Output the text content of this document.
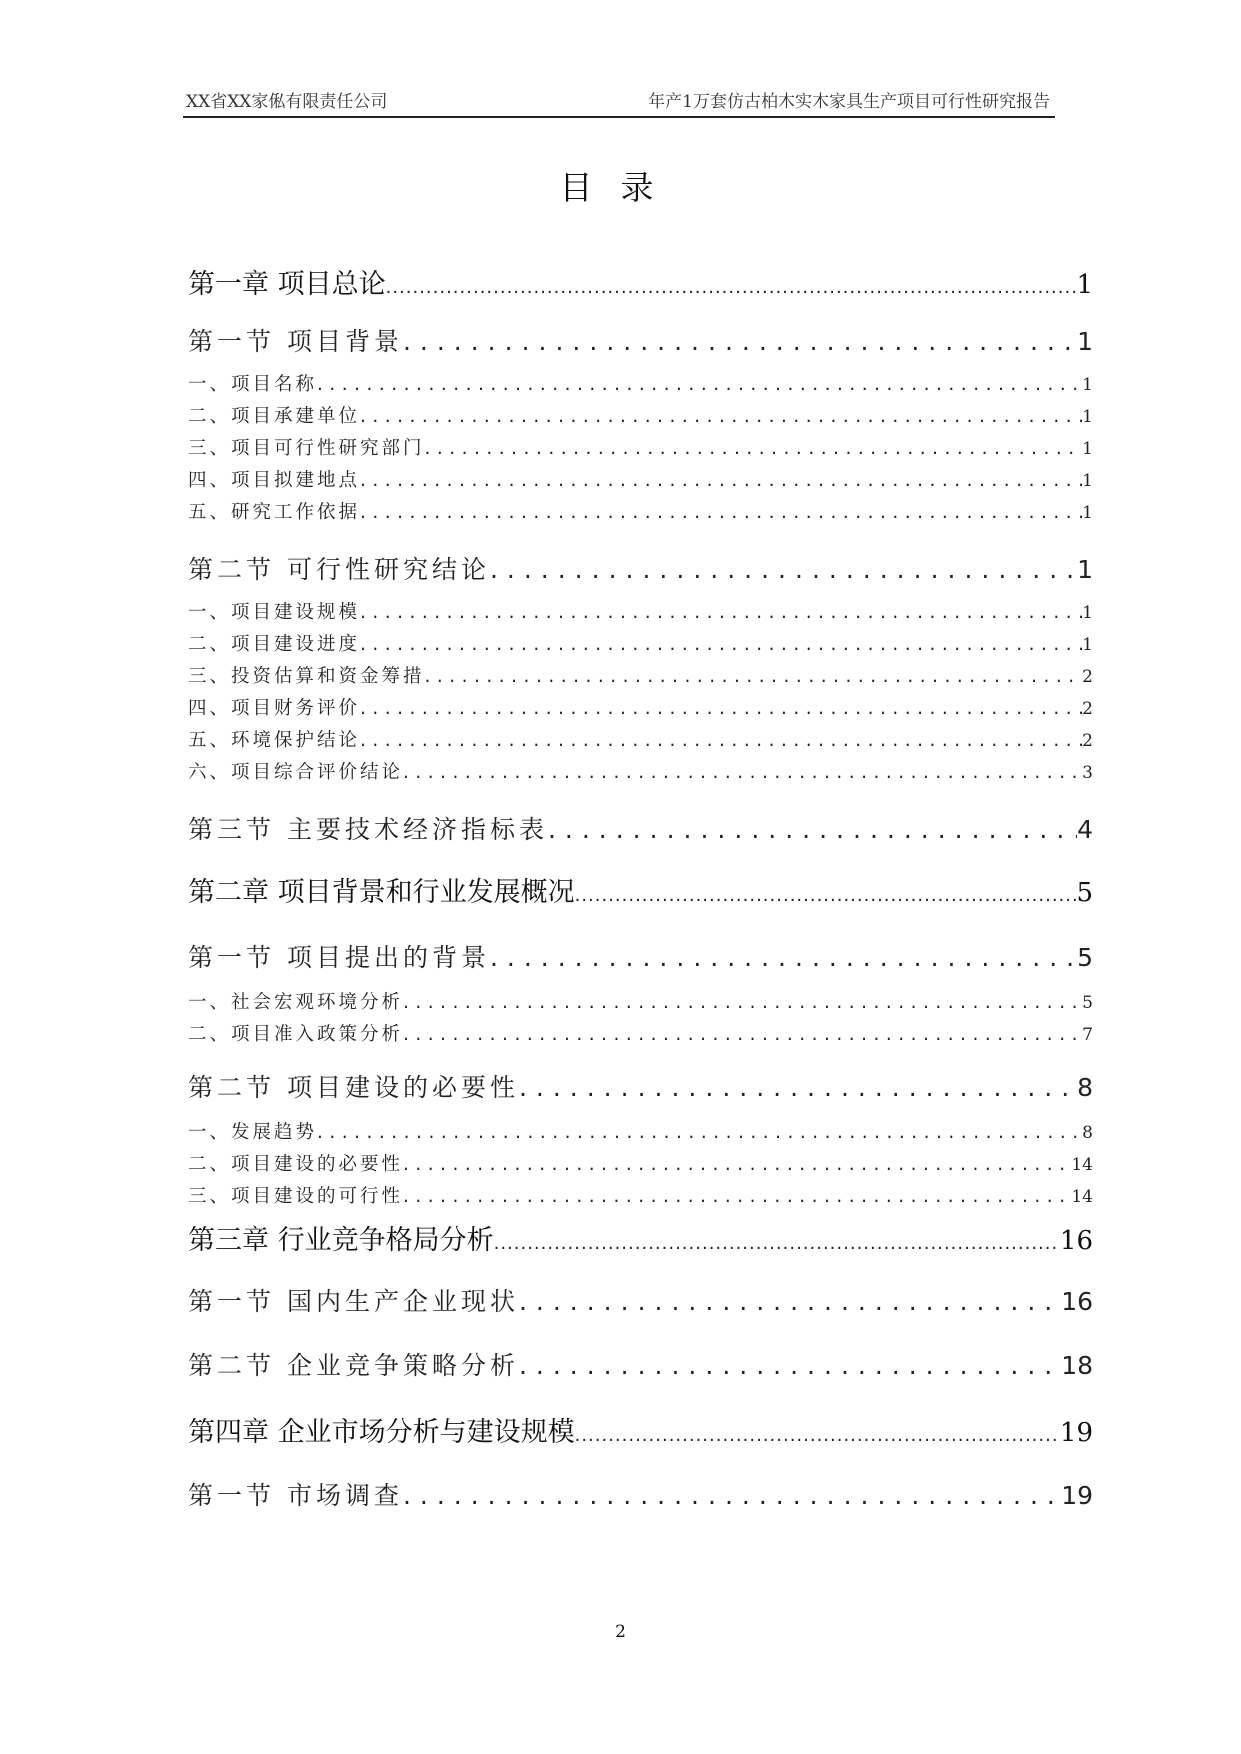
XX省XX家俬有限责任公司	年产1万套仿古柏木实木家具生产项目可行性研究报告
目录
第一章 项目总论 .....	1
第一节 项目背景 .....	1
一、项目名称 .....	1
二、项目承建单位 .....	1
三、项目可行性研究部门 .....	1
四、项目拟建地点 .....	1
五、研究工作依据 .....	1
第二节 可行性研究结论 .....	1
一、项目建设规模 .....	1
二、项目建设进度 .....	1
三、投资估算和资金筹措 .....	2
四、项目财务评价 .....	2
五、环境保护结论 .....	2
六、项目综合评价结论 .....	3
第三节 主要技术经济指标表 .....	4
第二章 项目背景和行业发展概况 .....	5
第一节 项目提出的背景 .....	5
一、社会宏观环境分析 .....	5
二、项目准入政策分析 .....	7
第二节 项目建设的必要性 .....	8
一、发展趋势 .....	8
二、项目建设的必要性 .....	14
三、项目建设的可行性 .....	14
第三章 行业竞争格局分析 .....	16
第一节 国内生产企业现状 .....	16
第二节 企业竞争策略分析 .....	18
第四章 企业市场分析与建设规模 .....	19
第一节 市场调查 .....	19
2
